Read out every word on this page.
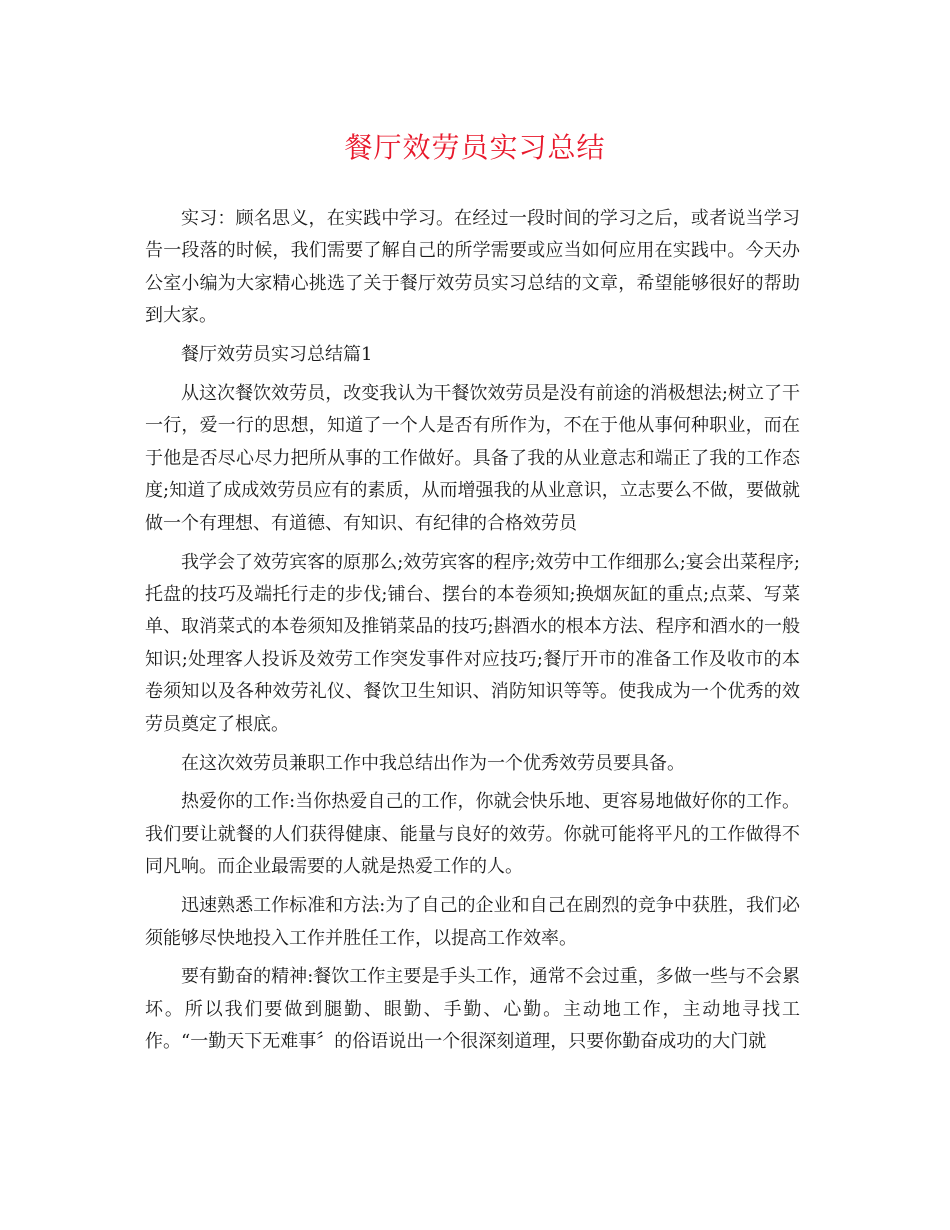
餐厅效劳员实习总结

实习：顾名思义，在实践中学习。在经过一段时间的学习之后，或者说当学习告一段落的时候，我们需要了解自己的所学需要或应当如何应用在实践中。今天办公室小编为大家精心挑选了关于餐厅效劳员实习总结的文章，希望能够很好的帮助到大家。

餐厅效劳员实习总结篇1

从这次餐饮效劳员，改变我认为干餐饮效劳员是没有前途的消极想法;树立了干一行，爱一行的思想，知道了一个人是否有所作为，不在于他从事何种职业，而在于他是否尽心尽力把所从事的工作做好。具备了我的从业意志和端正了我的工作态度;知道了成成效劳员应有的素质，从而增强我的从业意识，立志要么不做，要做就做一个有理想、有道德、有知识、有纪律的合格效劳员

我学会了效劳宾客的原那么;效劳宾客的程序;效劳中工作细那么;宴会出菜程序;托盘的技巧及端托行走的步伐;铺台、摆台的本卷须知;换烟灰缸的重点;点菜、写菜单、取消菜式的本卷须知及推销菜品的技巧;斟酒水的根本方法、程序和酒水的一般知识;处理客人投诉及效劳工作突发事件对应技巧;餐厅开市的准备工作及收市的本卷须知以及各种效劳礼仪、餐饮卫生知识、消防知识等等。使我成为一个优秀的效劳员奠定了根底。

在这次效劳员兼职工作中我总结出作为一个优秀效劳员要具备。

热爱你的工作:当你热爱自己的工作，你就会快乐地、更容易地做好你的工作。我们要让就餐的人们获得健康、能量与良好的效劳。你就可能将平凡的工作做得不同凡响。而企业最需要的人就是热爱工作的人。

迅速熟悉工作标准和方法:为了自己的企业和自己在剧烈的竞争中获胜，我们必须能够尽快地投入工作并胜任工作，以提高工作效率。

要有勤奋的精神:餐饮工作主要是手头工作，通常不会过重，多做一些与不会累坏。所以我们要做到腿勤、眼勤、手勤、心勤。主动地工作，主动地寻找工作。“一勤天下无难事〞的俗语说出一个很深刻道理，只要你勤奋成功的大门就
